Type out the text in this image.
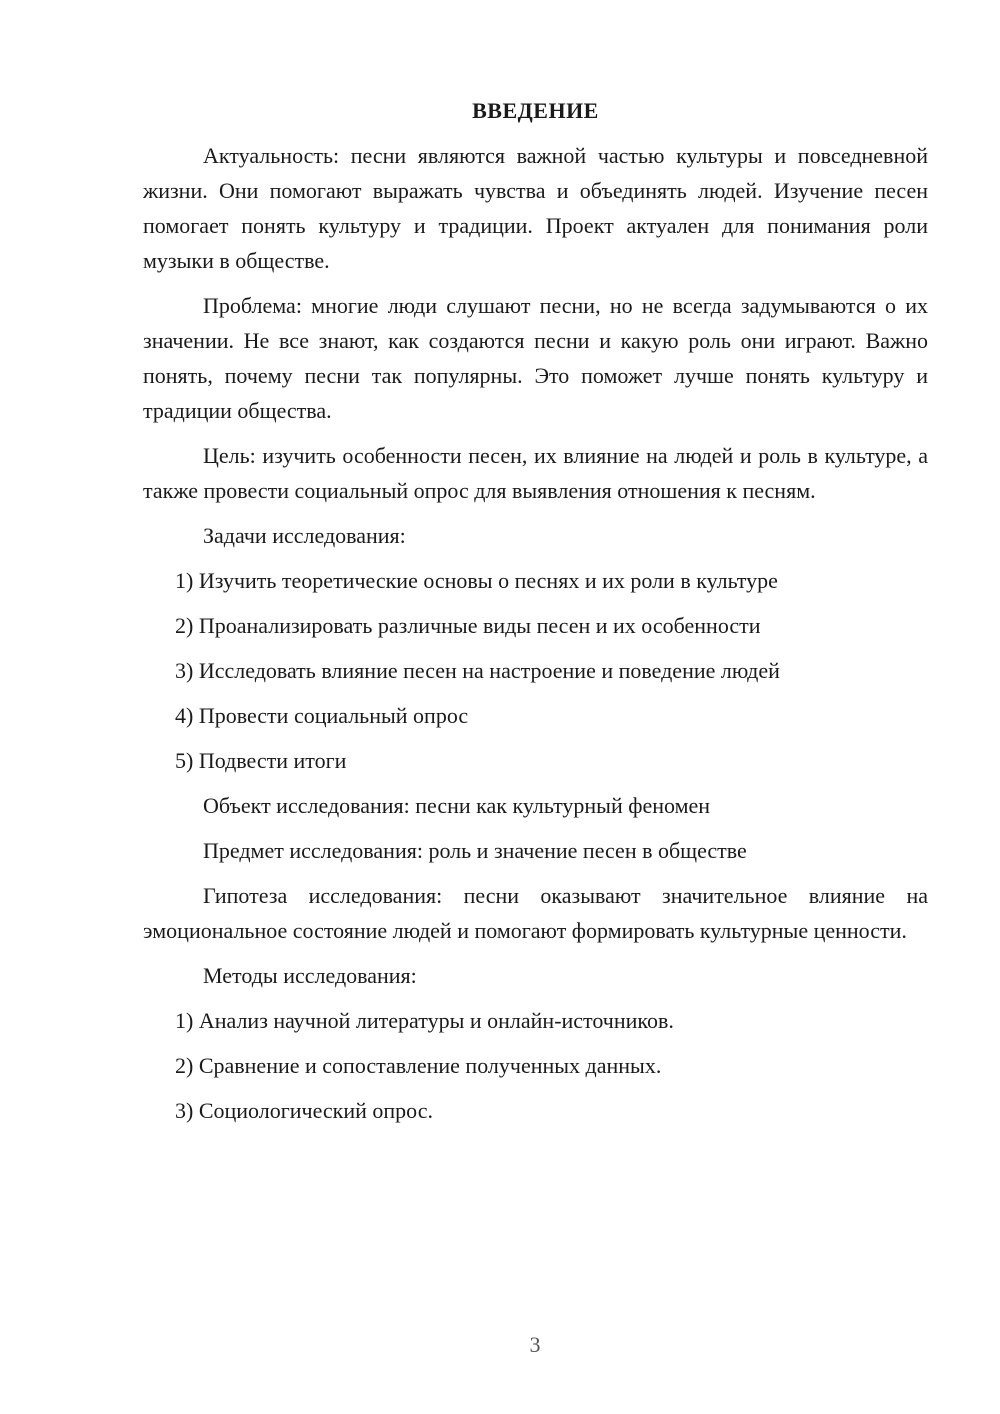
ВВЕДЕНИЕ

Актуальность: песни являются важной частью культуры и повседневной жизни. Они помогают выражать чувства и объединять людей. Изучение песен помогает понять культуру и традиции. Проект актуален для понимания роли музыки в обществе.

Проблема: многие люди слушают песни, но не всегда задумываются о их значении. Не все знают, как создаются песни и какую роль они играют. Важно понять, почему песни так популярны. Это поможет лучше понять культуру и традиции общества.

Цель: изучить особенности песен, их влияние на людей и роль в культуре, а также провести социальный опрос для выявления отношения к песням.

Задачи исследования:

1) Изучить теоретические основы о песнях и их роли в культуре

2) Проанализировать различные виды песен и их особенности

3) Исследовать влияние песен на настроение и поведение людей

4) Провести социальный опрос

5) Подвести итоги

Объект исследования: песни как культурный феномен

Предмет исследования: роль и значение песен в обществе

Гипотеза исследования: песни оказывают значительное влияние на эмоциональное состояние людей и помогают формировать культурные ценности.

Методы исследования:

1) Анализ научной литературы и онлайн-источников.

2) Сравнение и сопоставление полученных данных.

3) Социологический опрос.

3
